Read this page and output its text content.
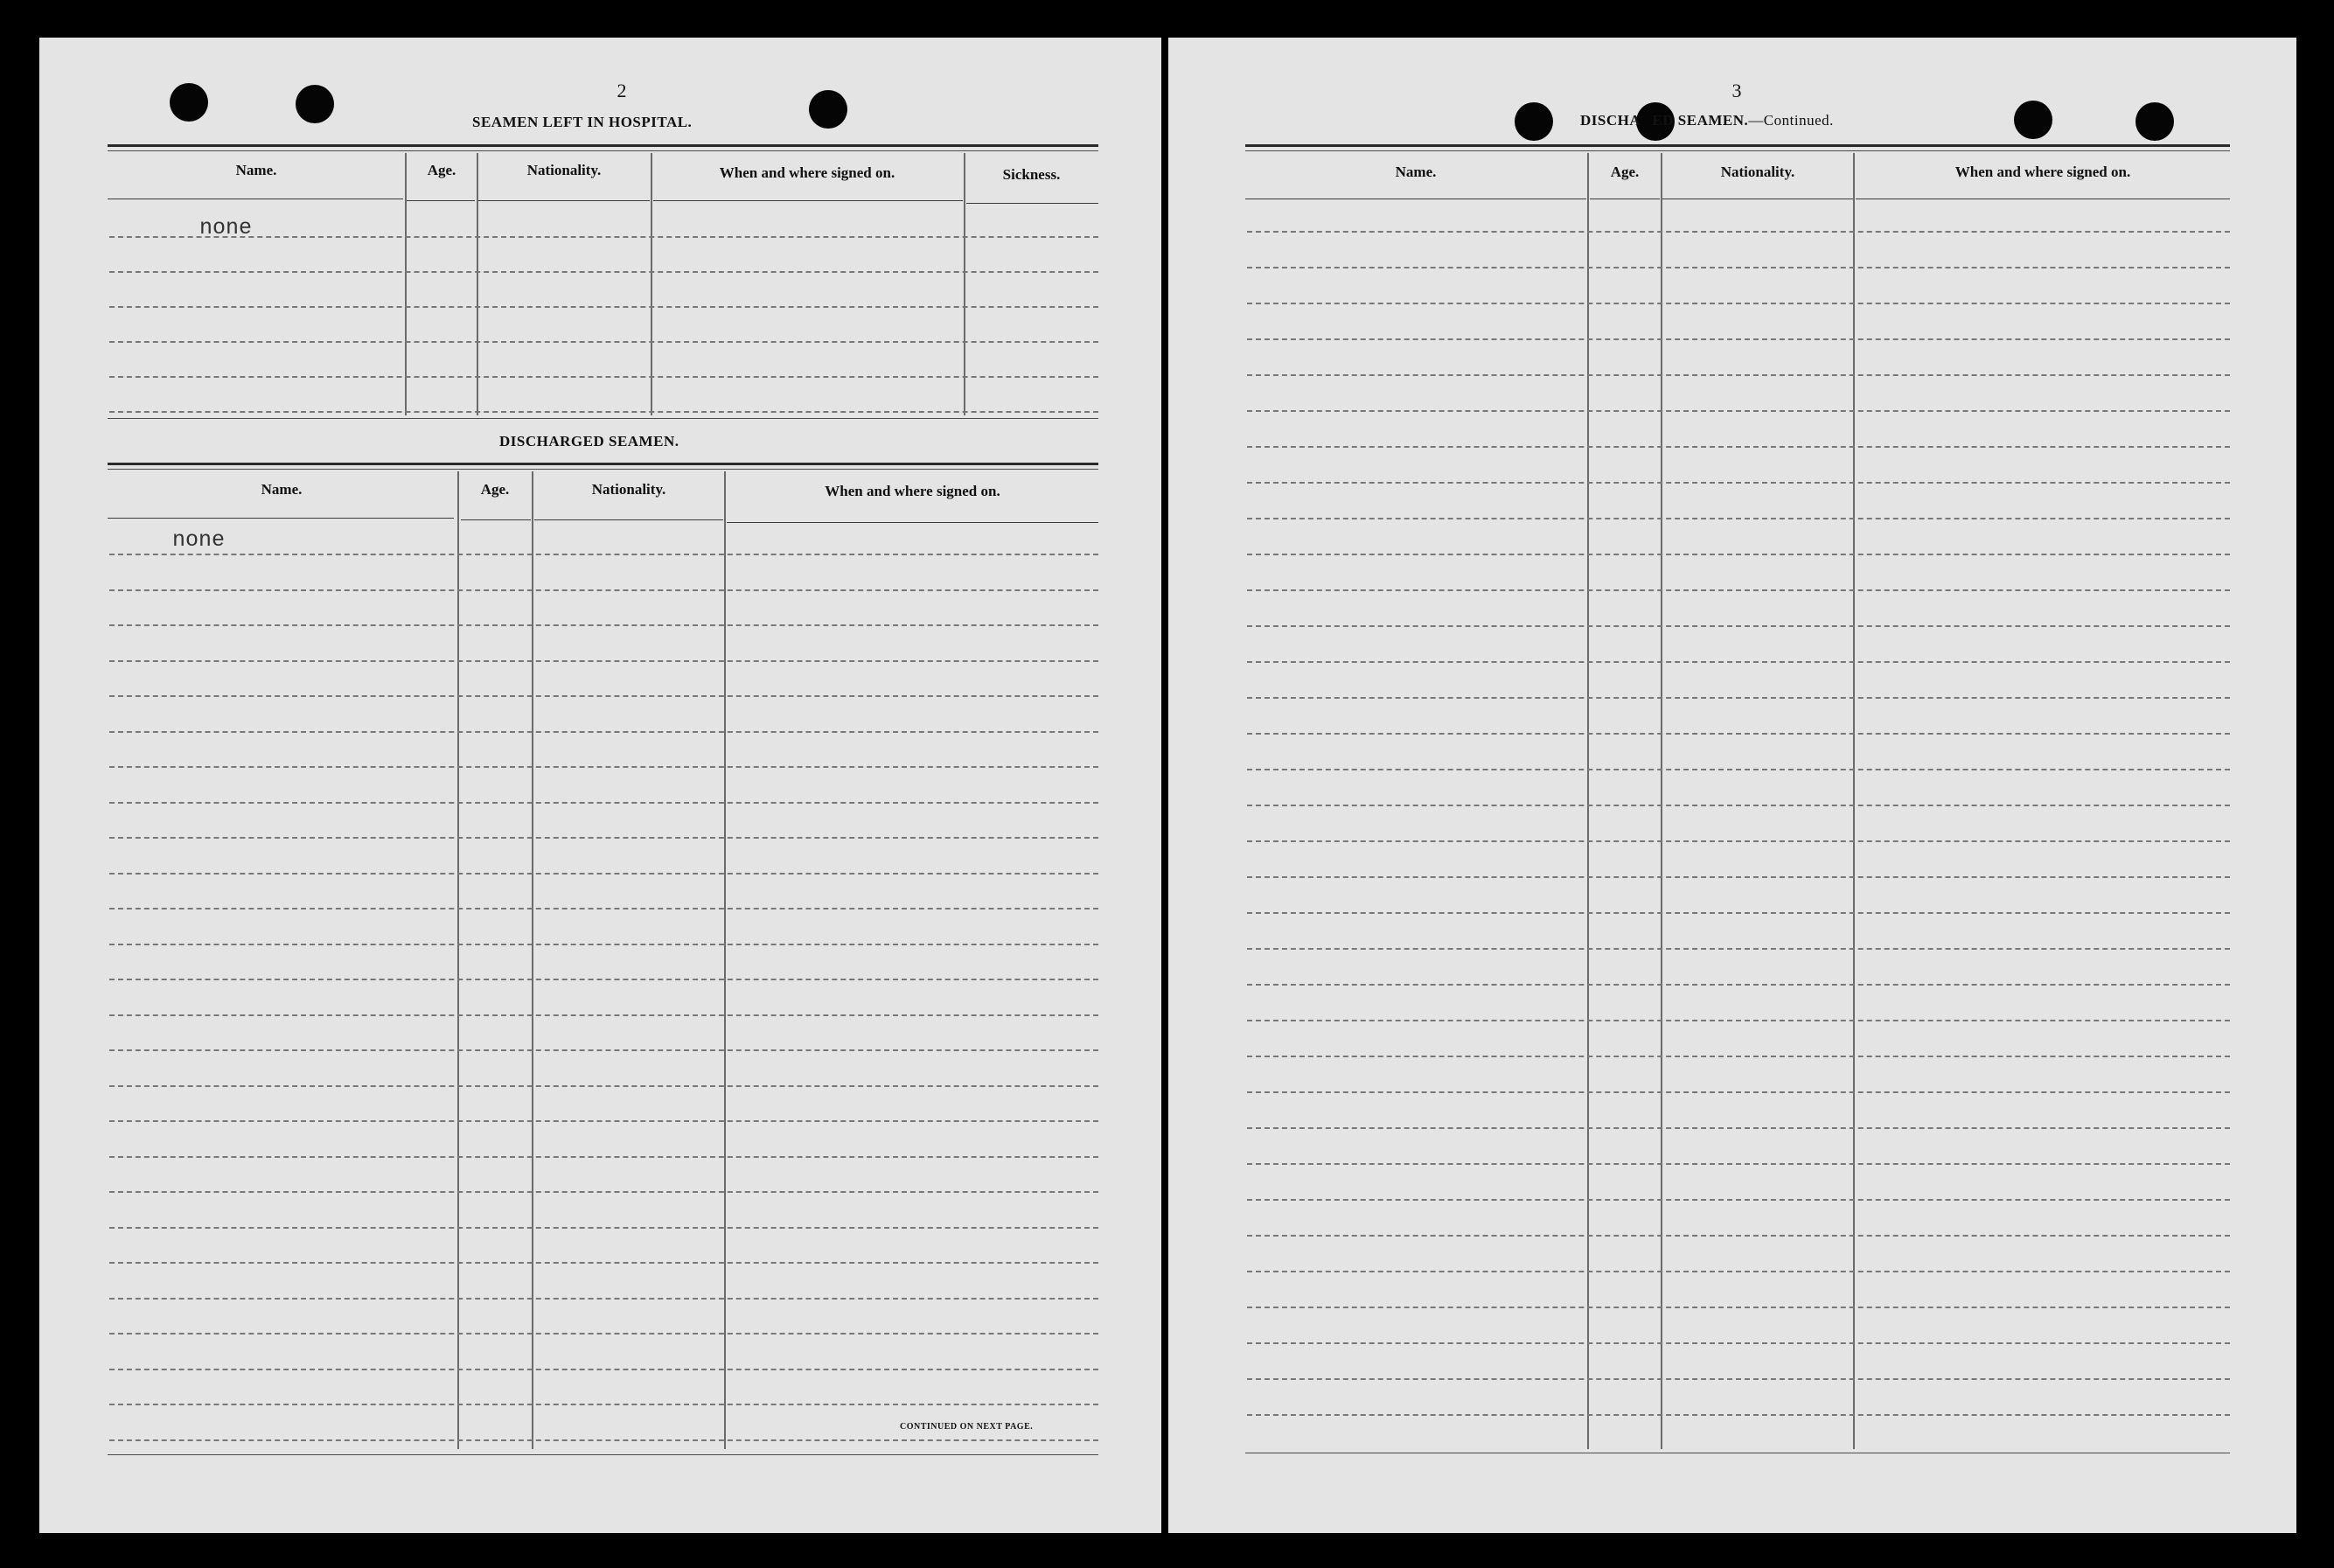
2
SEAMEN LEFT IN HOSPITAL.
Name.	Age.	Nationality.	When and where signed on.	Sickness.
none
DISCHARGED SEAMEN.
Name.	Age.	Nationality.	When and where signed on.
none
CONTINUED ON NEXT PAGE.
3
DISCHA   ED SEAMEN.—Continued.
Name.	Age.	Nationality.	When and where signed on.
